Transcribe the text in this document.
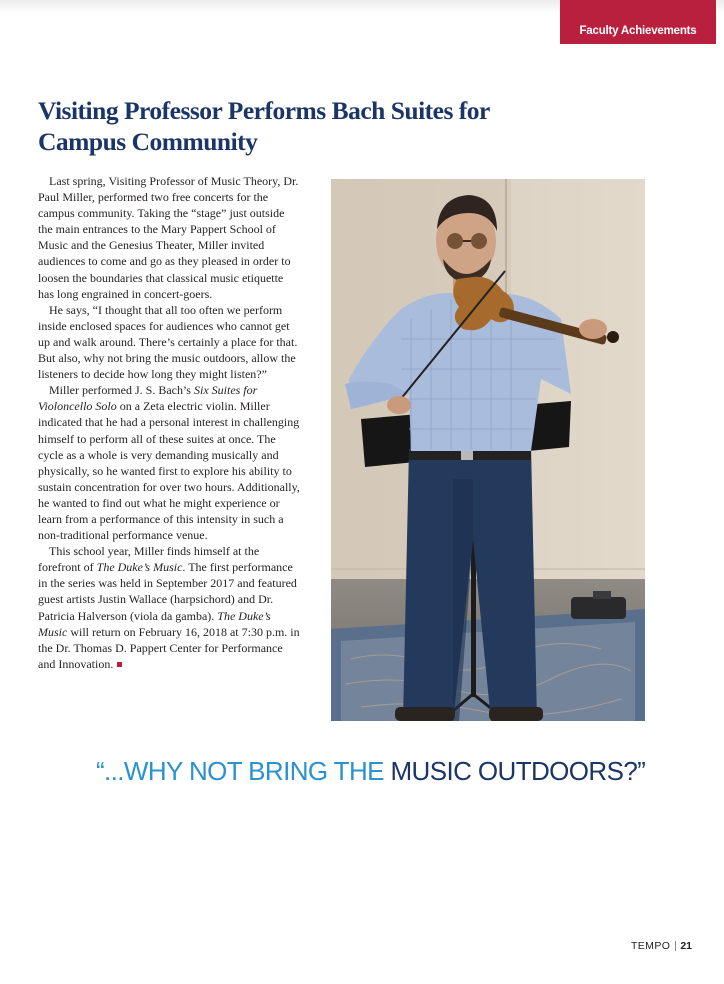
Faculty Achievements
Visiting Professor Performs Bach Suites for Campus Community

Last spring, Visiting Professor of Music Theory, Dr. Paul Miller, performed two free concerts for the campus community. Taking the “stage” just outside the main entrances to the Mary Pappert School of Music and the Genesius Theater, Miller invited audiences to come and go as they pleased in order to loosen the boundaries that classical music etiquette has long engrained in concert-goers.

He says, “I thought that all too often we perform inside enclosed spaces for audiences who cannot get up and walk around. There’s certainly a place for that. But also, why not bring the music outdoors, allow the listeners to decide how long they might listen?”

Miller performed J. S. Bach’s Six Suites for Violoncello Solo on a Zeta electric violin. Miller indicated that he had a personal interest in challenging himself to perform all of these suites at once. The cycle as a whole is very demanding musically and physically, so he wanted first to explore his ability to sustain concentration for over two hours. Additionally, he wanted to find out what he might experience or learn from a performance of this intensity in such a non-traditional performance venue.

This school year, Miller finds himself at the forefront of The Duke’s Music. The first performance in the series was held in September 2017 and featured guest artists Justin Wallace (harpsichord) and Dr. Patricia Halverson (viola da gamba). The Duke’s Music will return on February 16, 2018 at 7:30 p.m. in the Dr. Thomas D. Pappert Center for Performance and Innovation.

“...WHY NOT BRING THE MUSIC OUTDOORS?”
TEMPO 21
